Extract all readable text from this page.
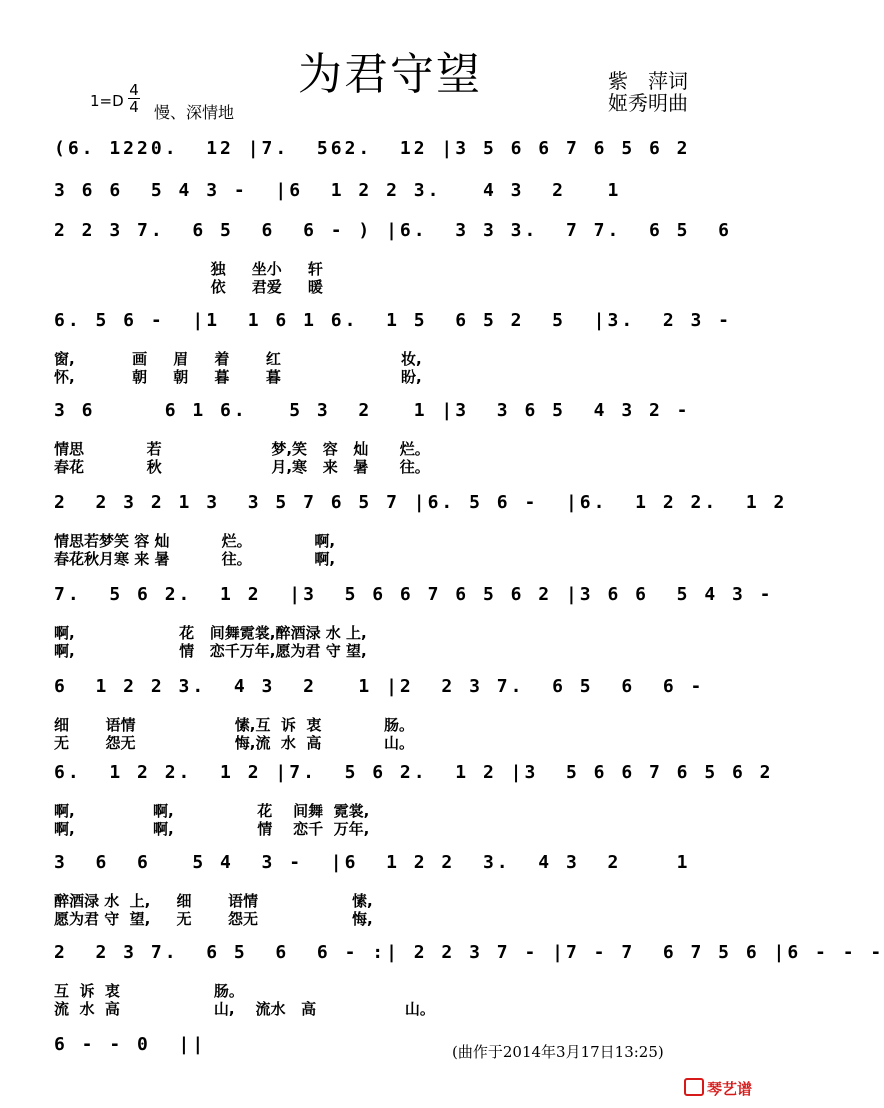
为君守望	紫　萍词
姬秀明曲
1=D
4
4 慢、深情地
(6. 1220.  12 |7.  562.  12 |3 5 6 6 7 6 5 6 2
3 6 6  5 4 3 -  |6  1 2 2 3.   4 3  2   1
2 2 3 7.  6 5  6  6 - ) |6.  3 3 3.  7 7.  6 5  6
独     坐小     轩
依     君爱     暖
6. 5 6 -  |1  1 6 1 6.  1 5  6 5 2  5  |3.  2 3 -
窗,           画     眉     着       红                       妆,
怀,           朝     朝     暮       暮                       盼,
3 6     6 1 6.   5 3  2   1 |3  3 6 5  4 3 2 -
情思            若                     梦,笑   容   灿      烂。
春花            秋                     月,寒   来   暑      往。
2  2 3 2 1 3  3 5 7 6 5 7 |6. 5 6 -  |6.  1 2 2.  1 2
情思若梦笑 容 灿          烂。            啊,
春花秋月寒 来 暑          往。            啊,
7.  5 6 2.  1 2  |3  5 6 6 7 6 5 6 2 |3 6 6  5 4 3 -
啊,                    花   间舞霓裳,醉酒渌 水 上,
啊,                    情   恋千万年,愿为君 守 望,
6  1 2 2 3.  4 3  2   1 |2  2 3 7.  6 5  6  6 -
细       语情                   愫,互  诉  衷            肠。
无       怨无                   悔,流  水  高            山。
6.  1 2 2.  1 2 |7.  5 6 2.  1 2 |3  5 6 6 7 6 5 6 2
啊,               啊,                花    间舞  霓裳,
啊,               啊,                情    恋千  万年,
3  6  6   5 4  3 -  |6  1 2 2  3.  4 3  2    1
醉酒渌 水  上,     细       语情                  愫,
愿为君 守  望,     无       怨无                  悔,
2  2 3 7.  6 5  6  6 - :| 2 2 3 7 - |7 - 7  6 7 5 6 |6 - - -
互  诉  衷                  肠。
流  水  高                  山,    流水   高                 山。
6 - - 0  ||	(曲作于2014年3月17日13:25)
琴艺谱
